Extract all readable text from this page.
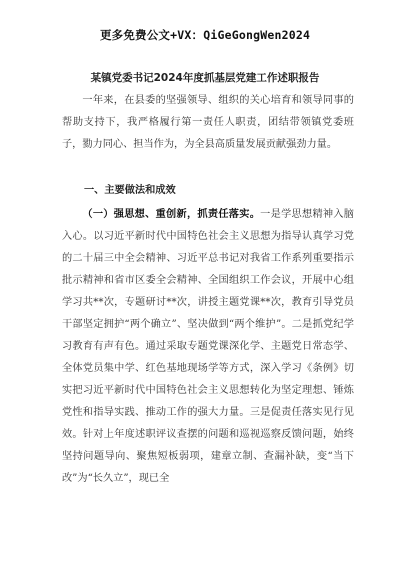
更多免费公文+VX：QiGeGongWen2024
某镇党委书记2024年度抓基层党建工作述职报告
一年来，在县委的坚强领导、组织的关心培育和领导同事的帮助支持下，我严格履行第一责任人职责，团结带领镇党委班子，勠力同心、担当作为，为全县高质量发展贡献强劲力量。
一、主要做法和成效
（一）强思想、重创新，抓责任落实。一是学思想精神入脑入心。以习近平新时代中国特色社会主义思想为指导认真学习党的二十届三中全会精神、习近平总书记对我省工作系列重要指示批示精神和省市区委全会精神、全国组织工作会议，开展中心组学习共**次，专题研讨**次，讲授主题党课**次，教育引导党员干部坚定拥护“两个确立”、坚决做到“两个维护”。二是抓党纪学习教育有声有色。通过采取专题党课深化学、主题党日常态学、全体党员集中学、红色基地现场学等方式，深入学习《条例》切实把习近平新时代中国特色社会主义思想转化为坚定理想、锤炼党性和指导实践、推动工作的强大力量。三是促责任落实见行见效。针对上年度述职评议查摆的问题和巡视巡察反馈问题，始终坚持问题导向、聚焦短板弱项，建章立制、查漏补缺，变“当下改”为“长久立”，现已全
